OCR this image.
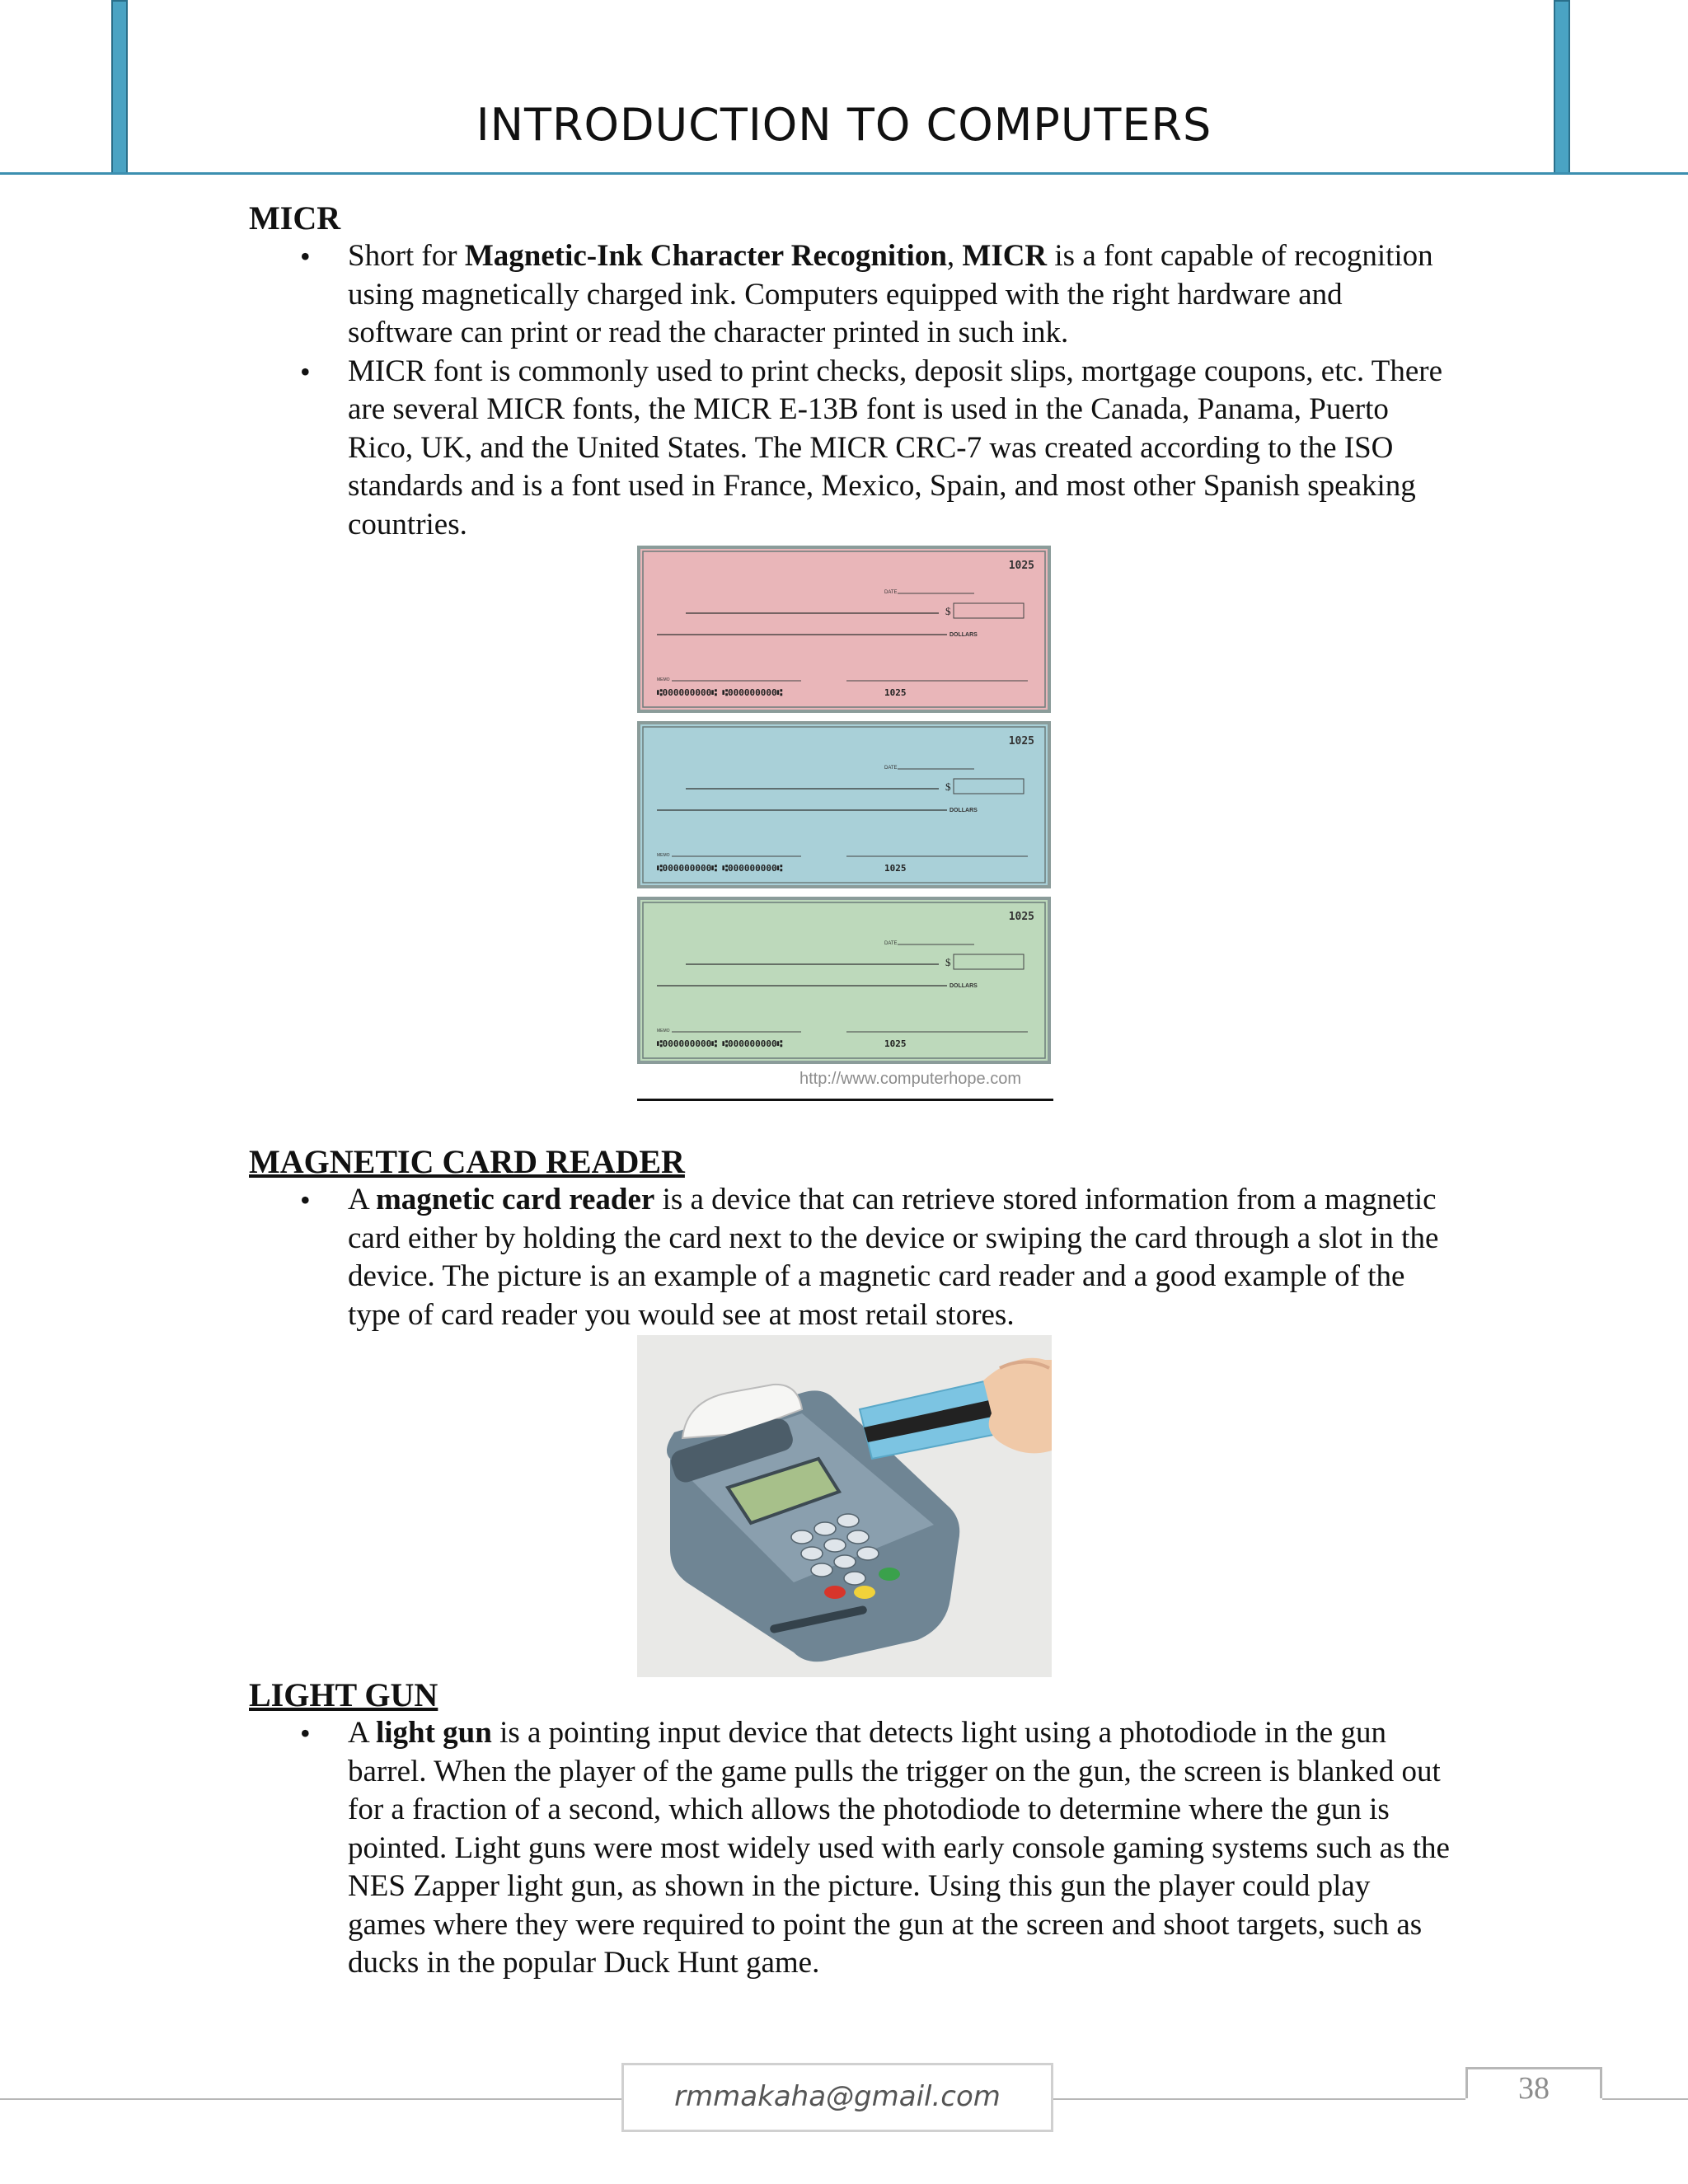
INTRODUCTION TO COMPUTERS
MICR
• Short for Magnetic-Ink Character Recognition, MICR is a font capable of recognition using magnetically charged ink. Computers equipped with the right hardware and software can print or read the character printed in such ink.
• MICR font is commonly used to print checks, deposit slips, mortgage coupons, etc. There are several MICR fonts, the MICR E-13B font is used in the Canada, Panama, Puerto Rico, UK, and the United States. The MICR CRC-7 was created according to the ISO standards and is a font used in France, Mexico, Spain, and most other Spanish speaking countries.
1025
DATE
$
DOLLARS
MEMO
⑆000000000⑆ ⑆000000000⑆	1025
1025
DATE
$
DOLLARS
MEMO
⑆000000000⑆ ⑆000000000⑆	1025
1025
DATE
$
DOLLARS
MEMO
⑆000000000⑆ ⑆000000000⑆	1025
http://www.computerhope.com
MAGNETIC CARD READER
• A magnetic card reader is a device that can retrieve stored information from a magnetic card either by holding the card next to the device or swiping the card through a slot in the device. The picture is an example of a magnetic card reader and a good example of the type of card reader you would see at most retail stores.
LIGHT GUN
• A light gun is a pointing input device that detects light using a photodiode in the gun barrel. When the player of the game pulls the trigger on the gun, the screen is blanked out for a fraction of a second, which allows the photodiode to determine where the gun is pointed. Light guns were most widely used with early console gaming systems such as the NES Zapper light gun, as shown in the picture. Using this gun the player could play games where they were required to point the gun at the screen and shoot targets, such as ducks in the popular Duck Hunt game.
rmmakaha@gmail.com	38
